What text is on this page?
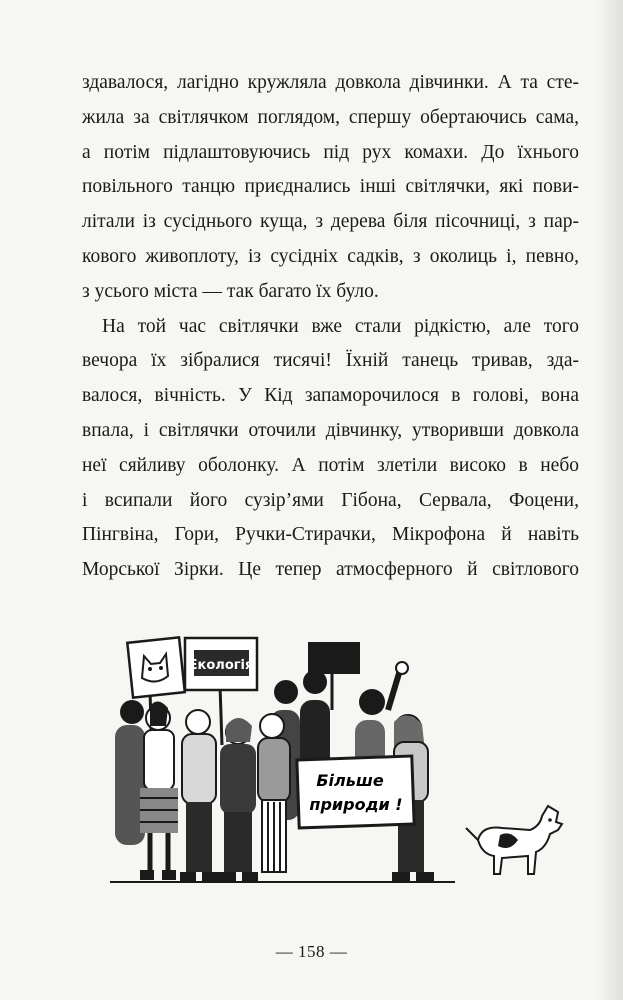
здавалося, лагідно кружляла довкола дівчинки. А та сте-
жила за світлячком поглядом, спершу обертаючись сама,
а потім підлаштовуючись під рух комахи. До їхнього
повільного танцю приєднались інші світлячки, які пови-
літали із сусіднього куща, з дерева біля пісочниці, з пар-
кового живоплоту, із сусідніх садків, з околиць і, певно,
з усього міста — так багато їх було.
На той час світлячки вже стали рідкістю, але того
вечора їх зібралися тисячі! Їхній танець тривав, зда-
валося, вічність. У Кід запаморочилося в голові, вона
впала, і світлячки оточили дівчинку, утворивши довкола
неї сяйливу оболонку. А потім злетіли високо в небо
і всипали його сузір’ями Гібона, Сервала, Фоцени,
Пінгвіна, Гори, Ручки-Стирачки, Мікрофона й навіть
Морської Зірки. Це тепер атмосферного й світлового
Екологія
Більше
природи !
— 158 —
